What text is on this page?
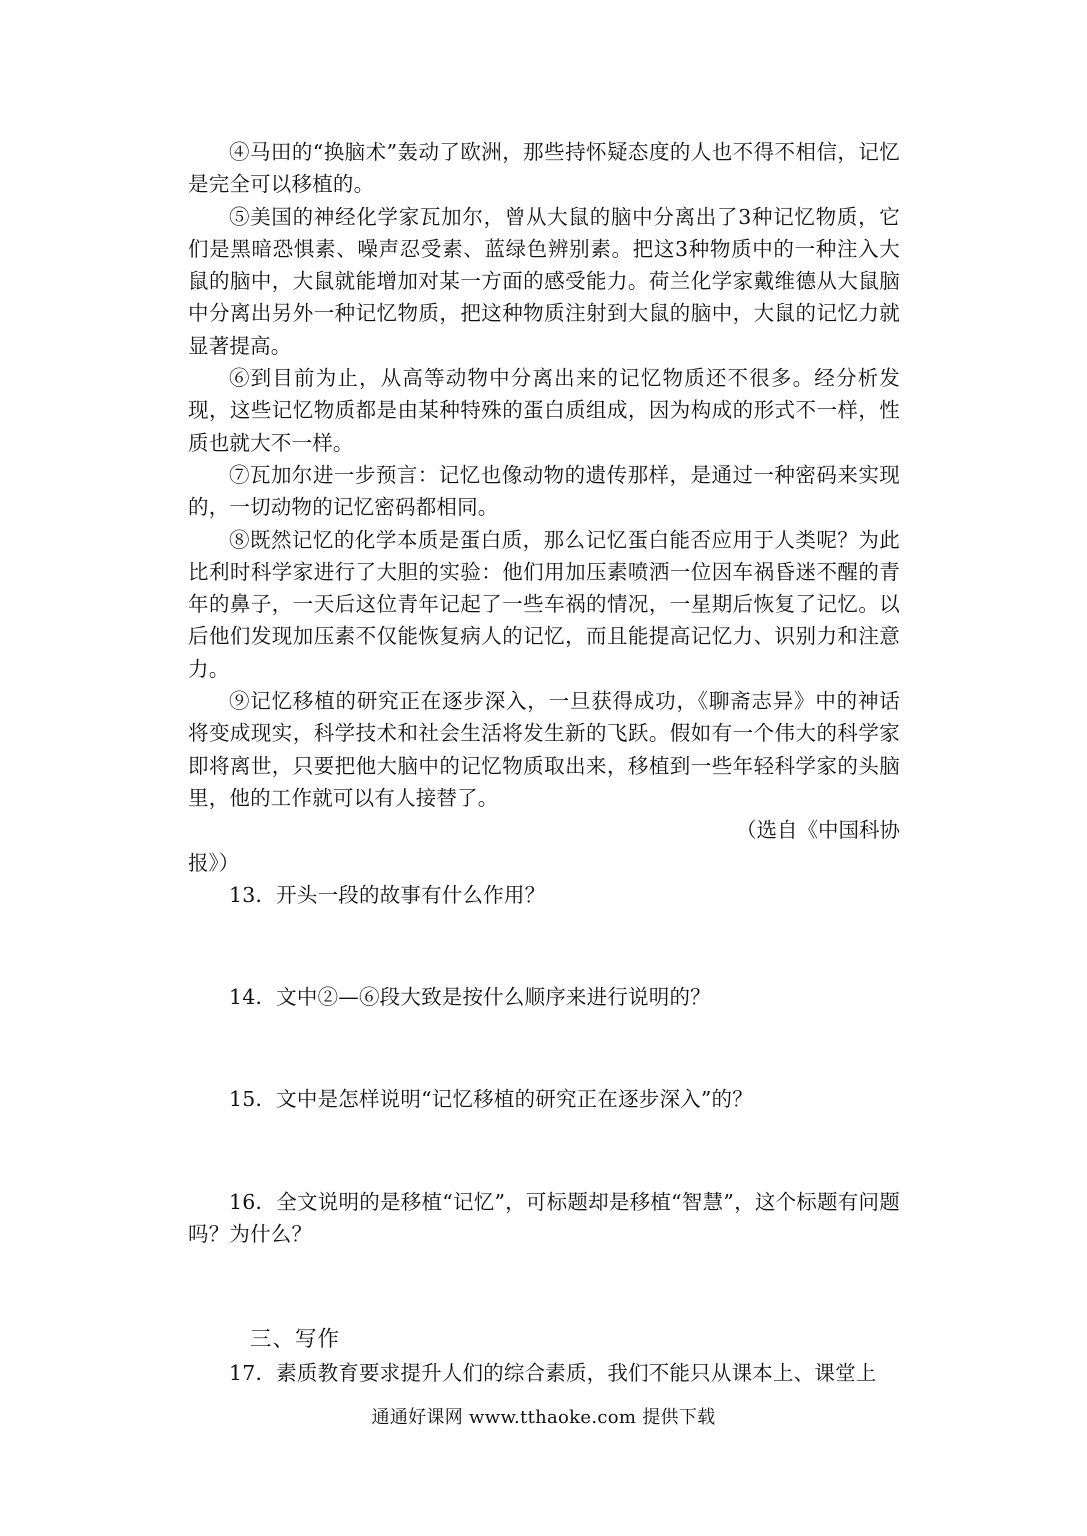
④马田的“换脑术”轰动了欧洲，那些持怀疑态度的人也不得不相信，记忆是完全可以移植的。

⑤美国的神经化学家瓦加尔，曾从大鼠的脑中分离出了3种记忆物质，它们是黑暗恐惧素、噪声忍受素、蓝绿色辨别素。把这3种物质中的一种注入大鼠的脑中，大鼠就能增加对某一方面的感受能力。荷兰化学家戴维德从大鼠脑中分离出另外一种记忆物质，把这种物质注射到大鼠的脑中，大鼠的记忆力就显著提高。

⑥到目前为止，从高等动物中分离出来的记忆物质还不很多。经分析发现，这些记忆物质都是由某种特殊的蛋白质组成，因为构成的形式不一样，性质也就大不一样。

⑦瓦加尔进一步预言：记忆也像动物的遗传那样，是通过一种密码来实现的，一切动物的记忆密码都相同。

⑧既然记忆的化学本质是蛋白质，那么记忆蛋白能否应用于人类呢？为此比利时科学家进行了大胆的实验：他们用加压素喷洒一位因车祸昏迷不醒的青年的鼻子，一天后这位青年记起了一些车祸的情况，一星期后恢复了记忆。以后他们发现加压素不仅能恢复病人的记忆，而且能提高记忆力、识别力和注意力。

⑨记忆移植的研究正在逐步深入，一旦获得成功，《聊斋志异》中的神话将变成现实，科学技术和社会生活将发生新的飞跃。假如有一个伟大的科学家即将离世，只要把他大脑中的记忆物质取出来，移植到一些年轻科学家的头脑里，他的工作就可以有人接替了。

（选自《中国科协报》）

13．开头一段的故事有什么作用？

14．文中②—⑥段大致是按什么顺序来进行说明的？

15．文中是怎样说明“记忆移植的研究正在逐步深入”的？

16．全文说明的是移植“记忆”，可标题却是移植“智慧”，这个标题有问题吗？为什么？

三、写作

17．素质教育要求提升人们的综合素质，我们不能只从课本上、课堂上

通通好课网 www.tthaoke.com 提供下载
